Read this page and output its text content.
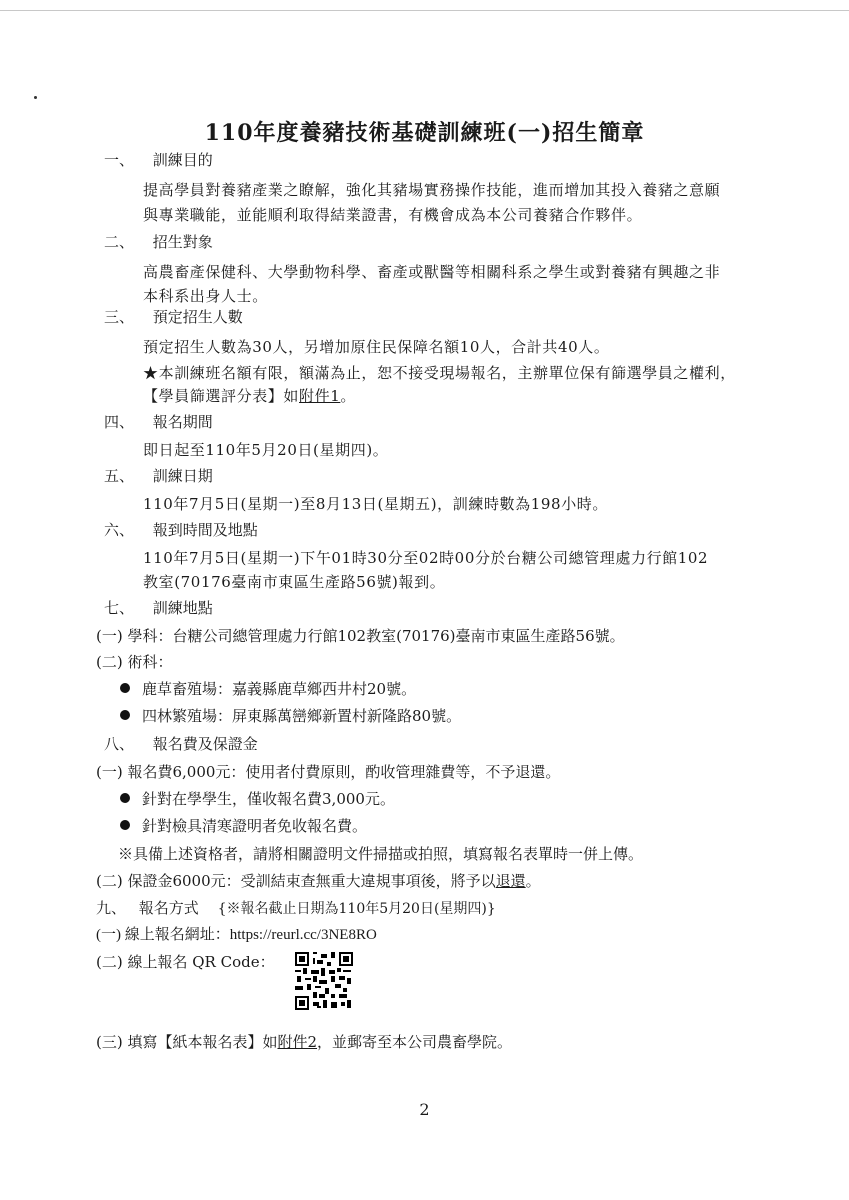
110年度養豬技術基礎訓練班(一)招生簡章
一、 訓練目的
提高學員對養豬產業之瞭解，強化其豬場實務操作技能，進而增加其投入養豬之意願
與專業職能，並能順利取得結業證書，有機會成為本公司養豬合作夥伴。
二、 招生對象
高農畜產保健科、大學動物科學、畜產或獸醫等相關科系之學生或對養豬有興趣之非
本科系出身人士。
三、 預定招生人數
預定招生人數為30人，另增加原住民保障名額10人，合計共40人。
★本訓練班名額有限，額滿為止，恕不接受現場報名，主辦單位保有篩選學員之權利，
【學員篩選評分表】如附件1。
四、 報名期間
即日起至110年5月20日(星期四)。
五、 訓練日期
110年7月5日(星期一)至8月13日(星期五)，訓練時數為198小時。
六、 報到時間及地點
110年7月5日(星期一)下午01時30分至02時00分於台糖公司總管理處力行館102
教室(70176臺南市東區生產路56號)報到。
七、 訓練地點
(一) 學科：台糖公司總管理處力行館102教室(70176)臺南市東區生產路56號。
(二) 術科：
鹿草畜殖場：嘉義縣鹿草鄉西井村20號。
四林繁殖場：屏東縣萬巒鄉新置村新隆路80號。
八、 報名費及保證金
(一) 報名費6,000元：使用者付費原則，酌收管理雜費等，不予退還。
針對在學學生，僅收報名費3,000元。
針對檢具清寒證明者免收報名費。
※具備上述資格者，請將相關證明文件掃描或拍照，填寫報名表單時一併上傳。
(二) 保證金6000元：受訓結束查無重大違規事項後，將予以退還。
九、 報名方式 {※報名截止日期為110年5月20日(星期四)}
(一) 線上報名網址：https://reurl.cc/3NE8RO
(二) 線上報名 QR Code：
(三) 填寫【紙本報名表】如附件2，並郵寄至本公司農畜學院。
2
